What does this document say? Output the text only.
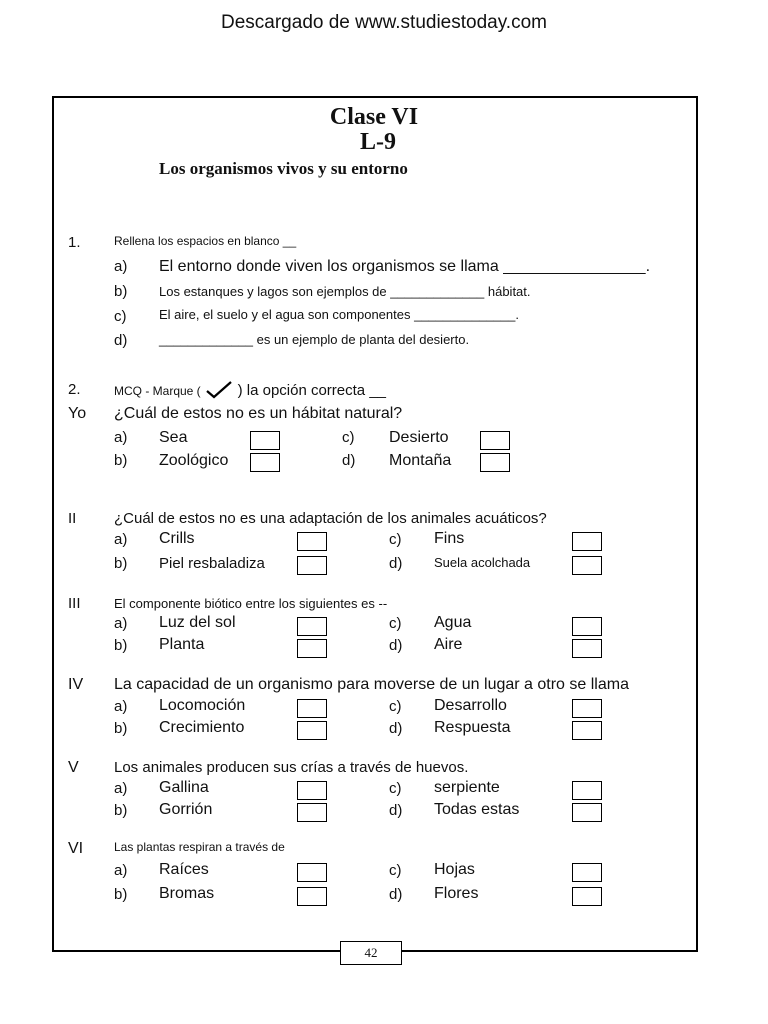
Descargado de www.studiestoday.com
Clase VI
L-9
Los organismos vivos y su entorno
1.	Rellena los espacios en blanco __
a) El entorno donde viven los organismos se llama ________________.
b) Los estanques y lagos son ejemplos de _____________ hábitat.
c)	El aire, el suelo y el agua son componentes ______________.
d) _____________ es un ejemplo de planta del desierto.
2.	MCQ - Marque ( ) la opción correcta __
Yo ¿Cuál de estos no es un hábitat natural?
a) Sea	c) Desierto
b) Zoológico	d) Montaña
II	¿Cuál de estos no es una adaptación de los animales acuáticos?
a) Crills	c) Fins
b) Piel resbaladiza	d) Suela acolchada
III	El componente biótico entre los siguientes es --
a) Luz del sol	c) Agua
b) Planta	d) Aire
IV La capacidad de un organismo para moverse de un lugar a otro se llama
a) Locomoción	c) Desarrollo
b) Crecimiento	d) Respuesta
V Los animales producen sus crías a través de huevos.
a) Gallina	c) serpiente
b) Gorrión	d) Todas estas
VI	Las plantas respiran a través de
a) Raíces	c) Hojas
b) Bromas	d) Flores
42
